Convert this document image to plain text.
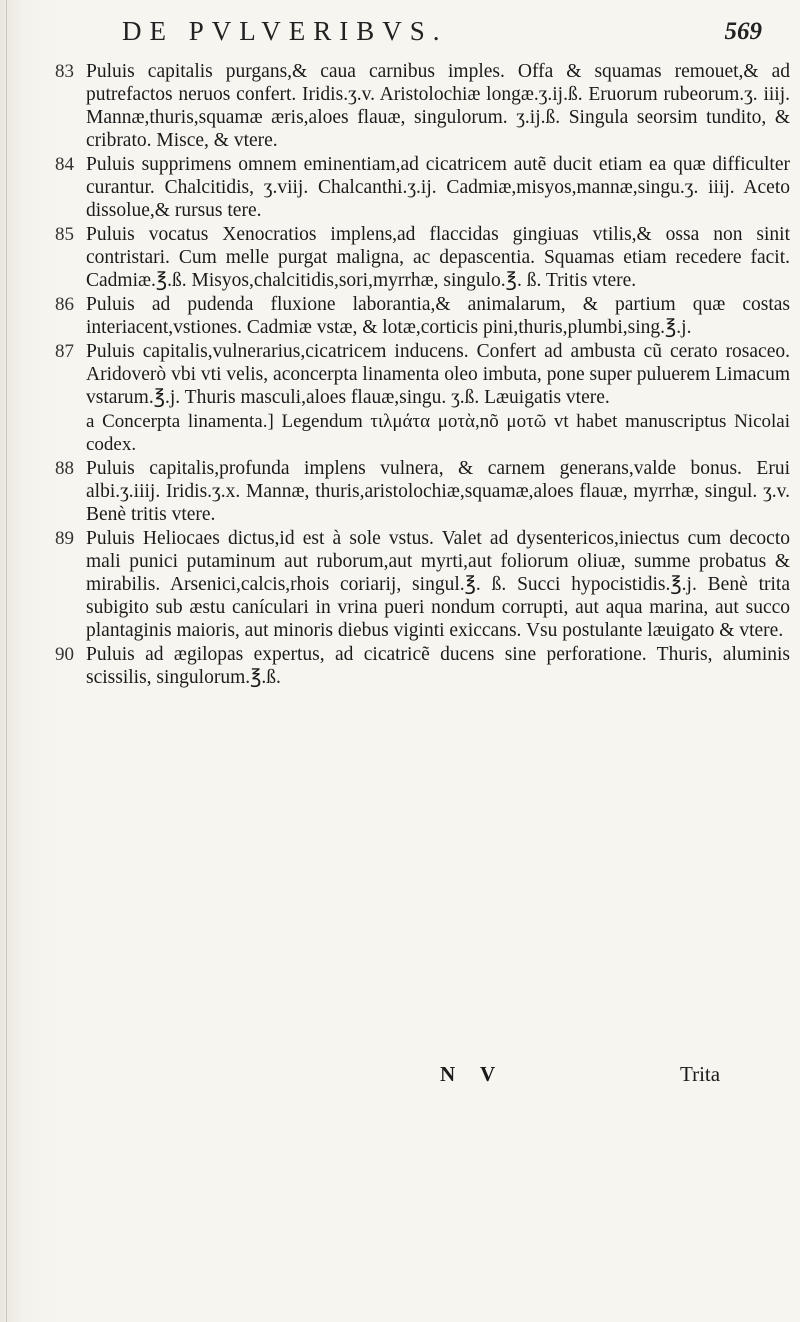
DE PVLVERIBVS.	569

83 Puluis capitalis purgans,& caua carnibus imples. Offa & squamas remouet,& ad putrefactos neruos confert. Iridis.ʒ.v. Aristolochiæ longæ.ʒ.ij.ß. Eruorum rubeorum.ʒ. iiij. Mannæ,thuris,squamæ æris,aloes flauæ, singulorum. ʒ.ij.ß. Singula seorsim tundito, & cribrato. Misce, & vtere.

84 Puluis supprimens omnem eminentiam,ad cicatricem autẽ ducit etiam ea quæ difficulter curantur. Chalcitidis, ʒ.viij. Chalcanthi.ʒ.ij. Cadmiæ,misyos,mannæ,singu.ʒ. iiij. Aceto dissolue,& rursus tere.

85 Puluis vocatus Xenocratios implens,ad flaccidas gingiuas vtilis,& ossa non sinit contristari. Cum melle purgat maligna, ac depascentia. Squamas etiam recedere facit. Cadmiæ.℥.ß. Misyos,chalcitidis,sori,myrrhæ, singulo.℥. ß. Tritis vtere.

86 Puluis ad pudenda fluxione laborantia,& animalarum, & partium quæ costas interiacent,vstiones. Cadmiæ vstæ, & lotæ,corticis pini,thuris,plumbi,sing.℥.j.

87 Puluis capitalis,vulnerarius,cicatricem inducens. Confert ad ambusta cũ cerato rosaceo. Aridoverò vbi vti velis, aconcerpta linamenta oleo imbuta, pone super puluerem Limacum vstarum.℥.j. Thuris masculi,aloes flauæ,singu. ʒ.ß. Læuigatis vtere.

a Concerpta linamenta.] Legendum τιλμάτα μοτὰ,nõ μοτῶ vt habet manuscriptus Nicolai codex.

88 Puluis capitalis,profunda implens vulnera, & carnem generans,valde bonus. Erui albi.ʒ.iiij. Iridis.ʒ.x. Mannæ, thuris,aristolochiæ,squamæ,aloes flauæ, myrrhæ, singul. ʒ.v. Benè tritis vtere.

89 Puluis Heliocaes dictus,id est à sole vstus. Valet ad dysentericos,iniectus cum decocto mali punici putaminum aut ruborum,aut myrti,aut foliorum oliuæ, summe probatus & mirabilis. Arsenici,calcis,rhois coriarij, singul.℥. ß. Succi hypocistidis.℥.j. Benè trita subigito sub æstu canículari in vrina pueri nondum corrupti, aut aqua marina, aut succo plantaginis maioris, aut minoris diebus viginti exiccans. Vsu postulante læuigato & vtere.

90 Puluis ad ægilopas expertus, ad cicatricẽ ducens sine perforatione. Thuris, aluminis scissilis, singulorum.℥.ß.

N V	Trita
